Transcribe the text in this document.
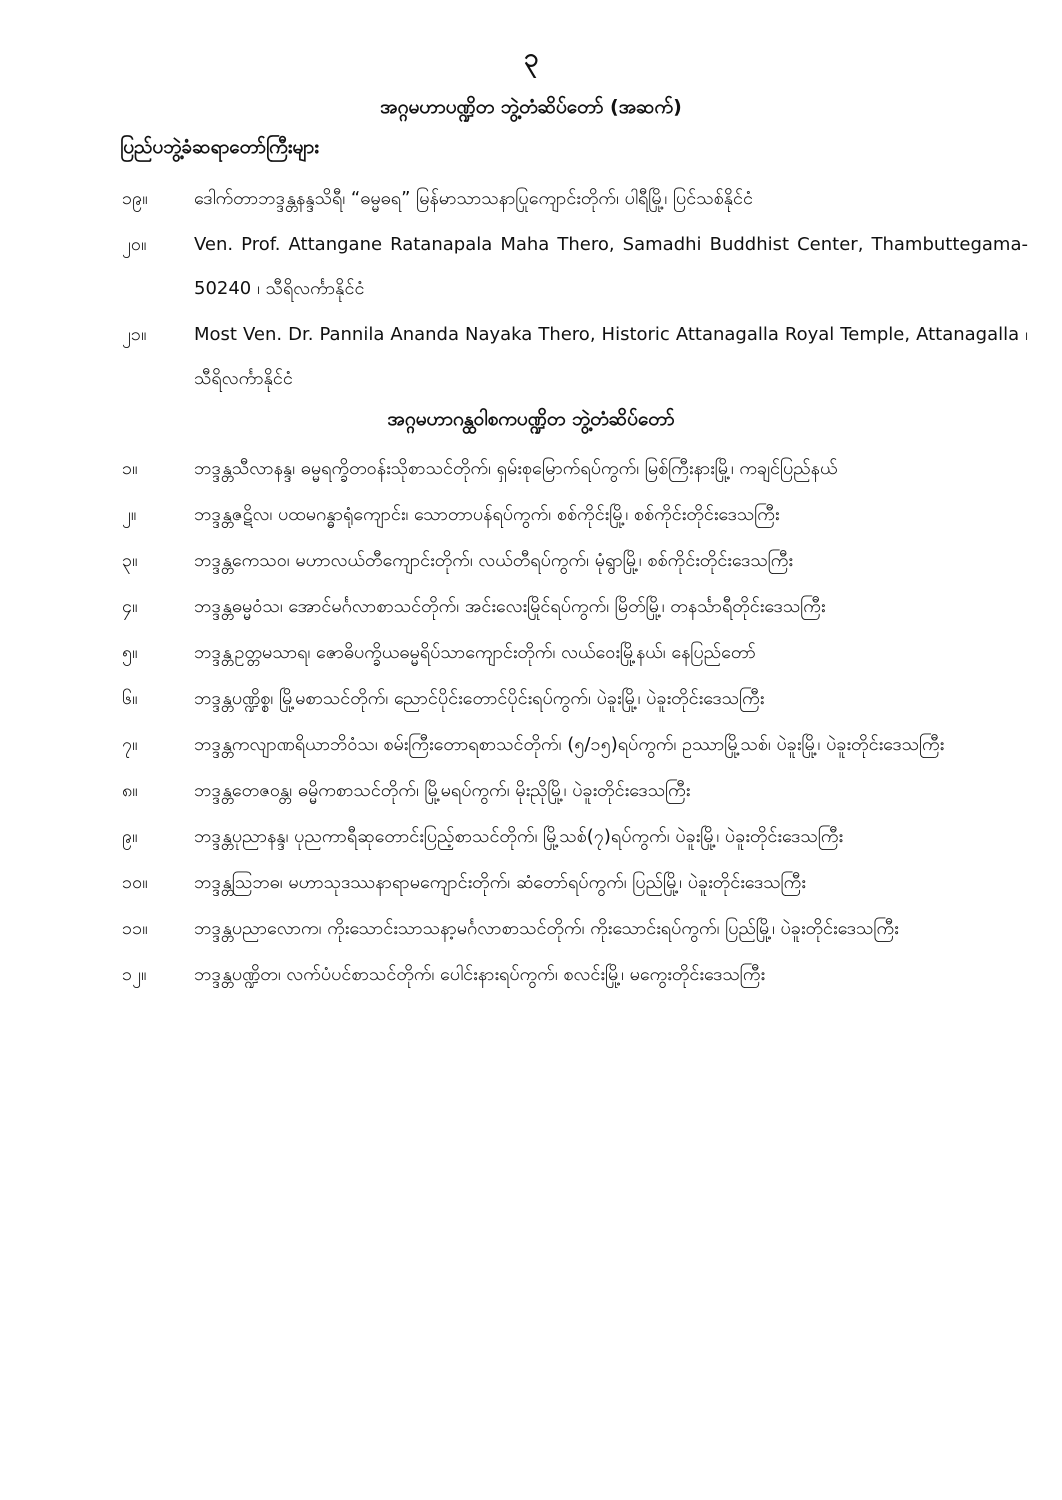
၃
အဂ္ဂမဟာပဏ္ဍိတ ဘွဲ့တံဆိပ်တော် (အဆက်)
ပြည်ပဘွဲ့ခံဆရာတော်ကြီးများ
၁၉။	ဒေါက်တာဘဒ္ဒန္တနန္ဒသိရီ၊ “ဓမ္မဓရ” မြန်မာသာသနာပြုကျောင်းတိုက်၊ ပါရီမြို့၊ ပြင်သစ်နိုင်ငံ
၂၀။	Ven. Prof. Attangane Ratanapala Maha Thero, Samadhi Buddhist Center, Thambuttegama-50240 ၊ သီရိလင်္ကာနိုင်ငံ
၂၁။	Most Ven. Dr. Pannila Ananda Nayaka Thero, Historic Attanagalla Royal Temple, Attanagalla ၊ သီရိလင်္ကာနိုင်ငံ
အဂ္ဂမဟာဂန္ထဝါစကပဏ္ဍိတ ဘွဲ့တံဆိပ်တော်
၁။	ဘဒ္ဒန္တသီလာနန္ဒ၊ ဓမ္မရက္ခိတဝန်းသိုစာသင်တိုက်၊ ရှမ်းစုမြောက်ရပ်ကွက်၊ မြစ်ကြီးနားမြို့၊ ကချင်ပြည်နယ်
၂။	ဘဒ္ဒန္တဇဋိလ၊ ပထမဂန္ဓာရုံကျောင်း၊ သောတာပန်ရပ်ကွက်၊ စစ်ကိုင်းမြို့၊ စစ်ကိုင်းတိုင်းဒေသကြီး
၃။	ဘဒ္ဒန္တကေသဝ၊ မဟာလယ်တီကျောင်းတိုက်၊ လယ်တီရပ်ကွက်၊ မုံရွာမြို့၊ စစ်ကိုင်းတိုင်းဒေသကြီး
၄။	ဘဒ္ဒန္တဓမ္မဝံသ၊ အောင်မင်္ဂလာစာသင်တိုက်၊ အင်းလေးမြိုင်ရပ်ကွက်၊ မြိတ်မြို့၊ တနင်္သာရီတိုင်းဒေသကြီး
၅။	ဘဒ္ဒန္တဥတ္တမသာရ၊ ဇောဓိပက္ခိယဓမ္မရိပ်သာကျောင်းတိုက်၊ လယ်ဝေးမြို့နယ်၊ နေပြည်တော်
၆။	ဘဒ္ဒန္တပဏ္ဍိစ္စ၊ မြို့မစာသင်တိုက်၊ ညောင်ပိုင်းတောင်ပိုင်းရပ်ကွက်၊ ပဲခူးမြို့၊ ပဲခူးတိုင်းဒေသကြီး
၇။	ဘဒ္ဒန္တကလျာဏရိယာဘိဝံသ၊ စမ်းကြီးတောရစာသင်တိုက်၊ (၅/၁၅)ရပ်ကွက်၊ ဥဿာမြို့သစ်၊ ပဲခူးမြို့၊ ပဲခူးတိုင်းဒေသကြီး
၈။	ဘဒ္ဒန္တတေဇဝန္တ၊ ဓမ္မိကစာသင်တိုက်၊ မြို့မရပ်ကွက်၊ မိုးညိုမြို့၊ ပဲခူးတိုင်းဒေသကြီး
၉။	ဘဒ္ဒန္တပုညာနန္ဒ၊ ပုညကာရီဆုတောင်းပြည့်စာသင်တိုက်၊ မြို့သစ်(၇)ရပ်ကွက်၊ ပဲခူးမြို့၊ ပဲခူးတိုင်းဒေသကြီး
၁၀။	ဘဒ္ဒန္တသြဘဓ၊ မဟာသုဒဿနာရာမကျောင်းတိုက်၊ ဆံတော်ရပ်ကွက်၊ ပြည်မြို့၊ ပဲခူးတိုင်းဒေသကြီး
၁၁။	ဘဒ္ဒန္တပညာလောက၊ ကိုးသောင်းသာသနာ့မင်္ဂလာစာသင်တိုက်၊ ကိုးသောင်းရပ်ကွက်၊ ပြည်မြို့၊ ပဲခူးတိုင်းဒေသကြီး
၁၂။	ဘဒ္ဒန္တပဏ္ဍိတ၊ လက်ပံပင်စာသင်တိုက်၊ ပေါင်းနားရပ်ကွက်၊ စလင်းမြို့၊ မကွေးတိုင်းဒေသကြီး
